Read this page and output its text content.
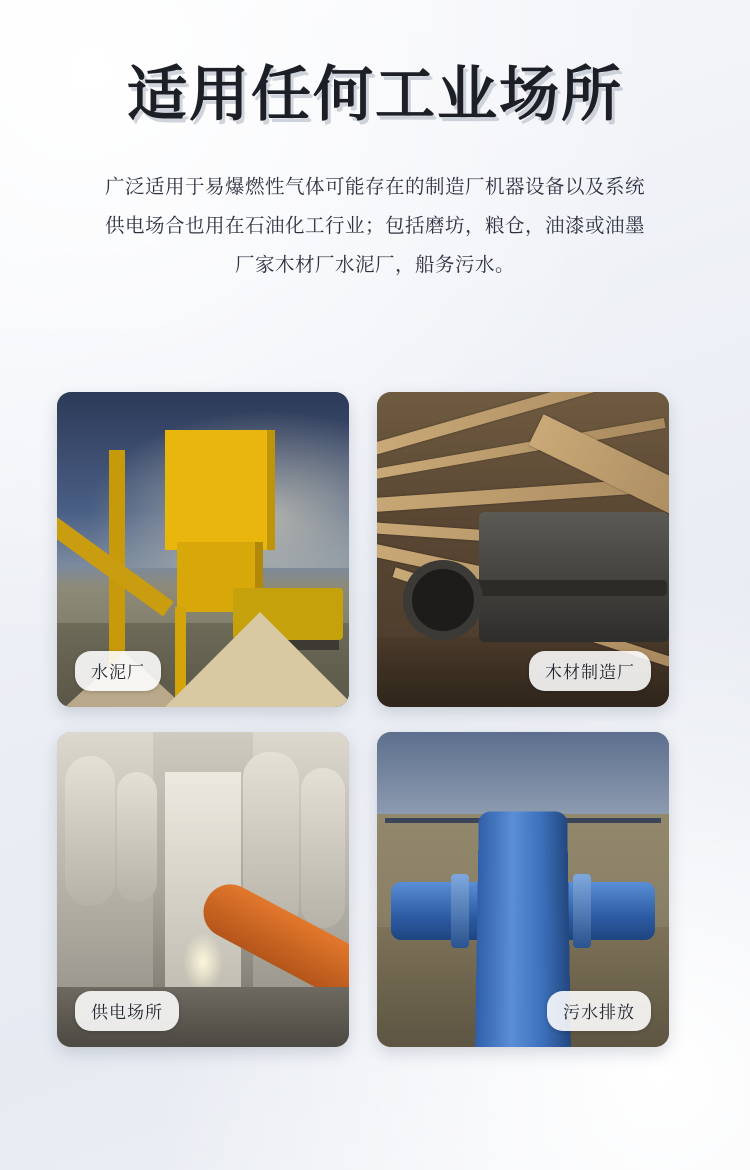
适用任何工业场所

广泛适用于易爆燃性气体可能存在的制造厂机器设备以及系统供电场合也用在石油化工行业；包括磨坊，粮仓，油漆或油墨厂家木材厂水泥厂，船务污水。

水泥厂	木材制造厂
供电场所	污水排放
